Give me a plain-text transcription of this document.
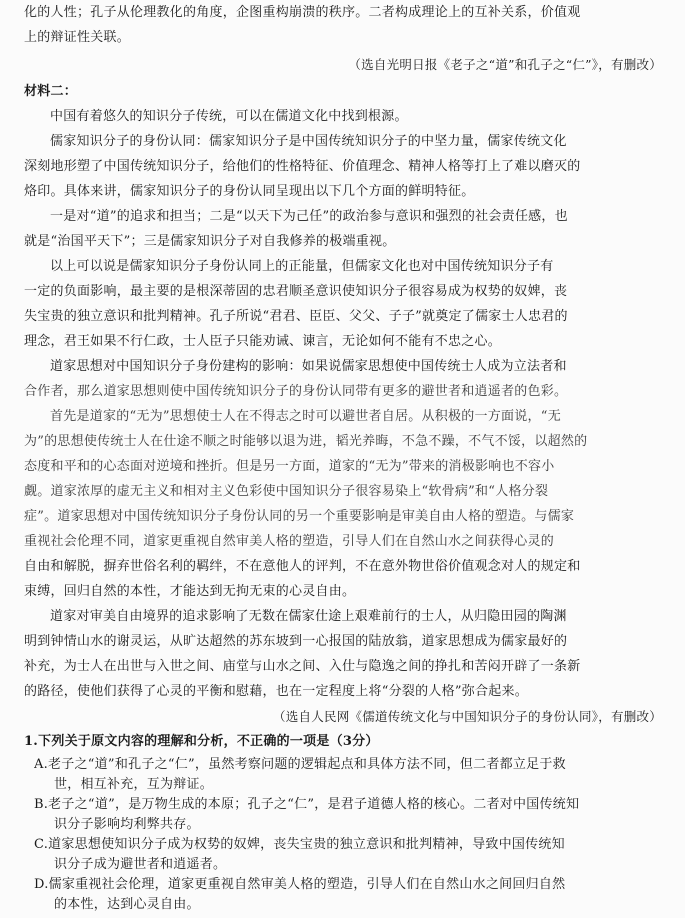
化的人性；孔子从伦理教化的角度，企图重构崩溃的秩序。二者构成理论上的互补关系，价值观
上的辩证性关联。
（选自光明日报《老子之“道”和孔子之“仁”》，有删改）
材料二：
中国有着悠久的知识分子传统，可以在儒道文化中找到根源。
儒家知识分子的身份认同：儒家知识分子是中国传统知识分子的中坚力量，儒家传统文化
深刻地形塑了中国传统知识分子，给他们的性格特征、价值理念、精神人格等打上了难以磨灭的
烙印。具体来讲，儒家知识分子的身份认同呈现出以下几个方面的鲜明特征。
一是对“道”的追求和担当；二是“以天下为己任”的政治参与意识和强烈的社会责任感，也
就是“治国平天下”；三是儒家知识分子对自我修养的极端重视。
以上可以说是儒家知识分子身份认同上的正能量，但儒家文化也对中国传统知识分子有
一定的负面影响，最主要的是根深蒂固的忠君顺圣意识使知识分子很容易成为权势的奴婢，丧
失宝贵的独立意识和批判精神。孔子所说“君君、臣臣、父父、子子”就奠定了儒家士人忠君的
理念，君王如果不行仁政，士人臣子只能劝诫、谏言，无论如何不能有不忠之心。
道家思想对中国知识分子身份建构的影响：如果说儒家思想使中国传统士人成为立法者和
合作者，那么道家思想则使中国传统知识分子的身份认同带有更多的避世者和逍遥者的色彩。
首先是道家的“无为”思想使士人在不得志之时可以避世者自居。从积极的一方面说，“无
为”的思想使传统士人在仕途不顺之时能够以退为进，韬光养晦，不急不躁，不气不馁，以超然的
态度和平和的心态面对逆境和挫折。但是另一方面，道家的“无为”带来的消极影响也不容小
觑。道家浓厚的虚无主义和相对主义色彩使中国知识分子很容易染上“软骨病”和“人格分裂
症”。道家思想对中国传统知识分子身份认同的另一个重要影响是审美自由人格的塑造。与儒家
重视社会伦理不同，道家更重视自然审美人格的塑造，引导人们在自然山水之间获得心灵的
自由和解脱，摒弃世俗名利的羁绊，不在意他人的评判，不在意外物世俗价值观念对人的规定和
束缚，回归自然的本性，才能达到无拘无束的心灵自由。
道家对审美自由境界的追求影响了无数在儒家仕途上艰难前行的士人，从归隐田园的陶渊
明到钟情山水的谢灵运，从旷达超然的苏东坡到一心报国的陆放翁，道家思想成为儒家最好的
补充，为士人在出世与入世之间、庙堂与山水之间、入仕与隐逸之间的挣扎和苦闷开辟了一条新
的路径，使他们获得了心灵的平衡和慰藉，也在一定程度上将“分裂的人格”弥合起来。
（选自人民网《儒道传统文化与中国知识分子的身份认同》，有删改）
1.下列关于原文内容的理解和分析，不正确的一项是（3分）
A.老子之“道”和孔子之“仁”，虽然考察问题的逻辑起点和具体方法不同，但二者都立足于救
世，相互补充，互为辩证。
B.老子之“道”，是万物生成的本原；孔子之“仁”，是君子道德人格的核心。二者对中国传统知
识分子影响均利弊共存。
C.道家思想使知识分子成为权势的奴婢，丧失宝贵的独立意识和批判精神，导致中国传统知
识分子成为避世者和逍遥者。
D.儒家重视社会伦理，道家更重视自然审美人格的塑造，引导人们在自然山水之间回归自然
的本性，达到心灵自由。
